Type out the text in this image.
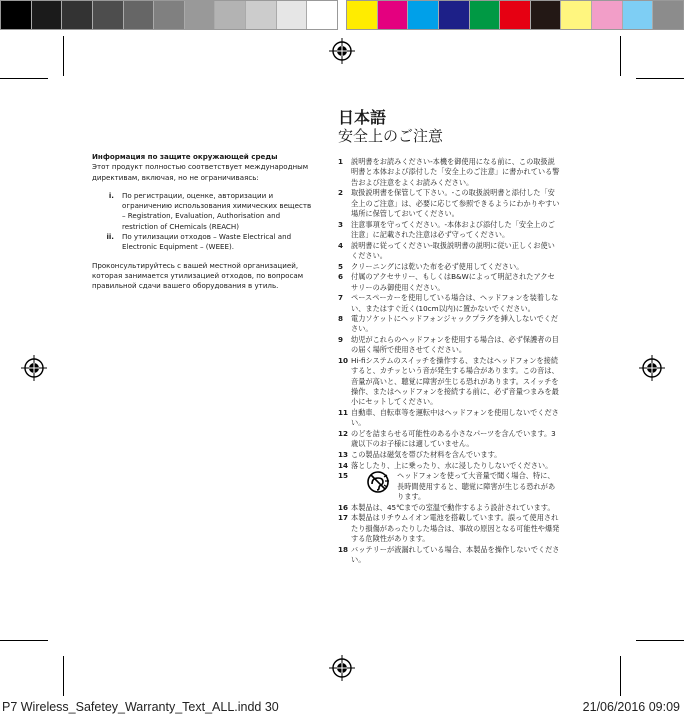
Информация по защите окружающей среды

Этот продукт полностью соответствует международным директивам, включая, но не ограничиваясь:

i.	По регистрации, оценке, авторизации и ограничению использования химических веществ – Registration, Evaluation, Authorisation and restriction of CHemicals (REACH)
ii.	По утилизации отходов – Waste Electrical and Electronic Equipment – (WEEE).

Проконсультируйтесь с вашей местной организацией, которая занимается утилизацией отходов, по вопросам правильной сдачи вашего оборудования в утиль.

日本語
安全上のご注意
1	説明書をお読みください-本機を御使用になる前に、この取扱説明書と本体および添付した「安全上のご注意」に書かれている警告および注意をよくお読みください。
2	取扱説明書を保管して下さい。-この取扱説明書と添付した「安全上のご注意」は、必要に応じて参照できるようにわかりやすい場所に保管しておいてください。
3	注意事項を守ってください。-本体および添付した「安全上のご注意」に記載された注意は必ず守ってください。
4	説明書に従ってください-取扱説明書の説明に従い正しくお使いください。
5	クリーニングには乾いた布を必ず使用してください。
6	付属のアクセサリー、もしくはB&Wによって明記されたアクセサリーのみ御使用ください。
7	ペースペーカーを使用している場合は、ヘッドフォンを装着しない、またはすぐ近く(10cm以内)に置かないでください。
8	電力ソケットにヘッドフォンジャックプラグを挿入しないでください。
9	幼児がこれらのヘッドフォンを使用する場合は、必ず保護者の目の届く場所で使用させてください。
10 Hi-fiシステムのスイッチを操作する、またはヘッドフォンを接続すると、カチッという音が発生する場合があります。この音は、音量が高いと、聴覚に障害が生じる恐れがあります。スイッチを操作、またはヘッドフォンを接続する前に、必ず音量つまみを最小にセットしてください。
11 自動車、自転車等を運転中はヘッドフォンを使用しないでください。
12 のどを詰まらせる可能性のある小さなパーツを含んでいます。3歳以下のお子様には適していません。
13 この製品は磁気を帯びた材料を含んでいます。
14 落としたり、上に乗ったり、水に浸したりしないでください。
15	ヘッドフォンを使って大音量で聞く場合、特に、長時間使用すると、聴覚に障害が生じる恐れがあります。
16 本製品は、45℃までの室温で動作するよう設計されています。
17 本製品はリチウムイオン電池を搭載しています。誤って使用されたり損傷があったりした場合は、事故の原因となる可能性や爆発する危険性があります。
18 バッテリーが液漏れしている場合、本製品を操作しないでください。
P7 Wireless_Safetey_Warranty_Text_ALL.indd 30	21/06/2016 09:09
